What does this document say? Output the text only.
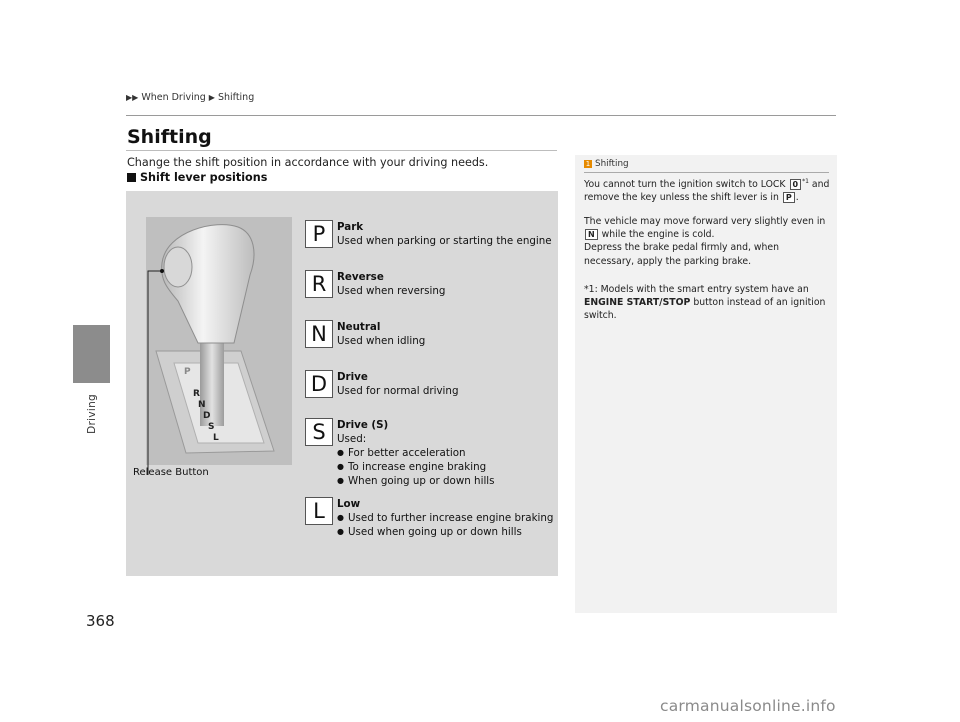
▶▶ When Driving ▶ Shifting
Driving
368
Shifting
Change the shift position in accordance with your driving needs.
Shift lever positions
P
R
N
D
S
L
Release Button
P	Park
Used when parking or starting the engine
R	Reverse
Used when reversing
N Neutral
Used when idling
D Drive
Used for normal driving
S	Drive (S)
Used:
● For better acceleration
● To increase engine braking
● When going up or down hills
L	Low
● Used to further increase engine braking
● Used when going up or down hills
1 Shifting

You cannot turn the ignition switch to LOCK 0 $^{*1}$ and remove the key unless the shift lever is in P .

The vehicle may move forward very slightly even in N while the engine is cold.
Depress the brake pedal firmly and, when necessary, apply the parking brake.

*1: Models with the smart entry system have an ENGINE START/STOP button instead of an ignition switch.

carmanualsonline.info
